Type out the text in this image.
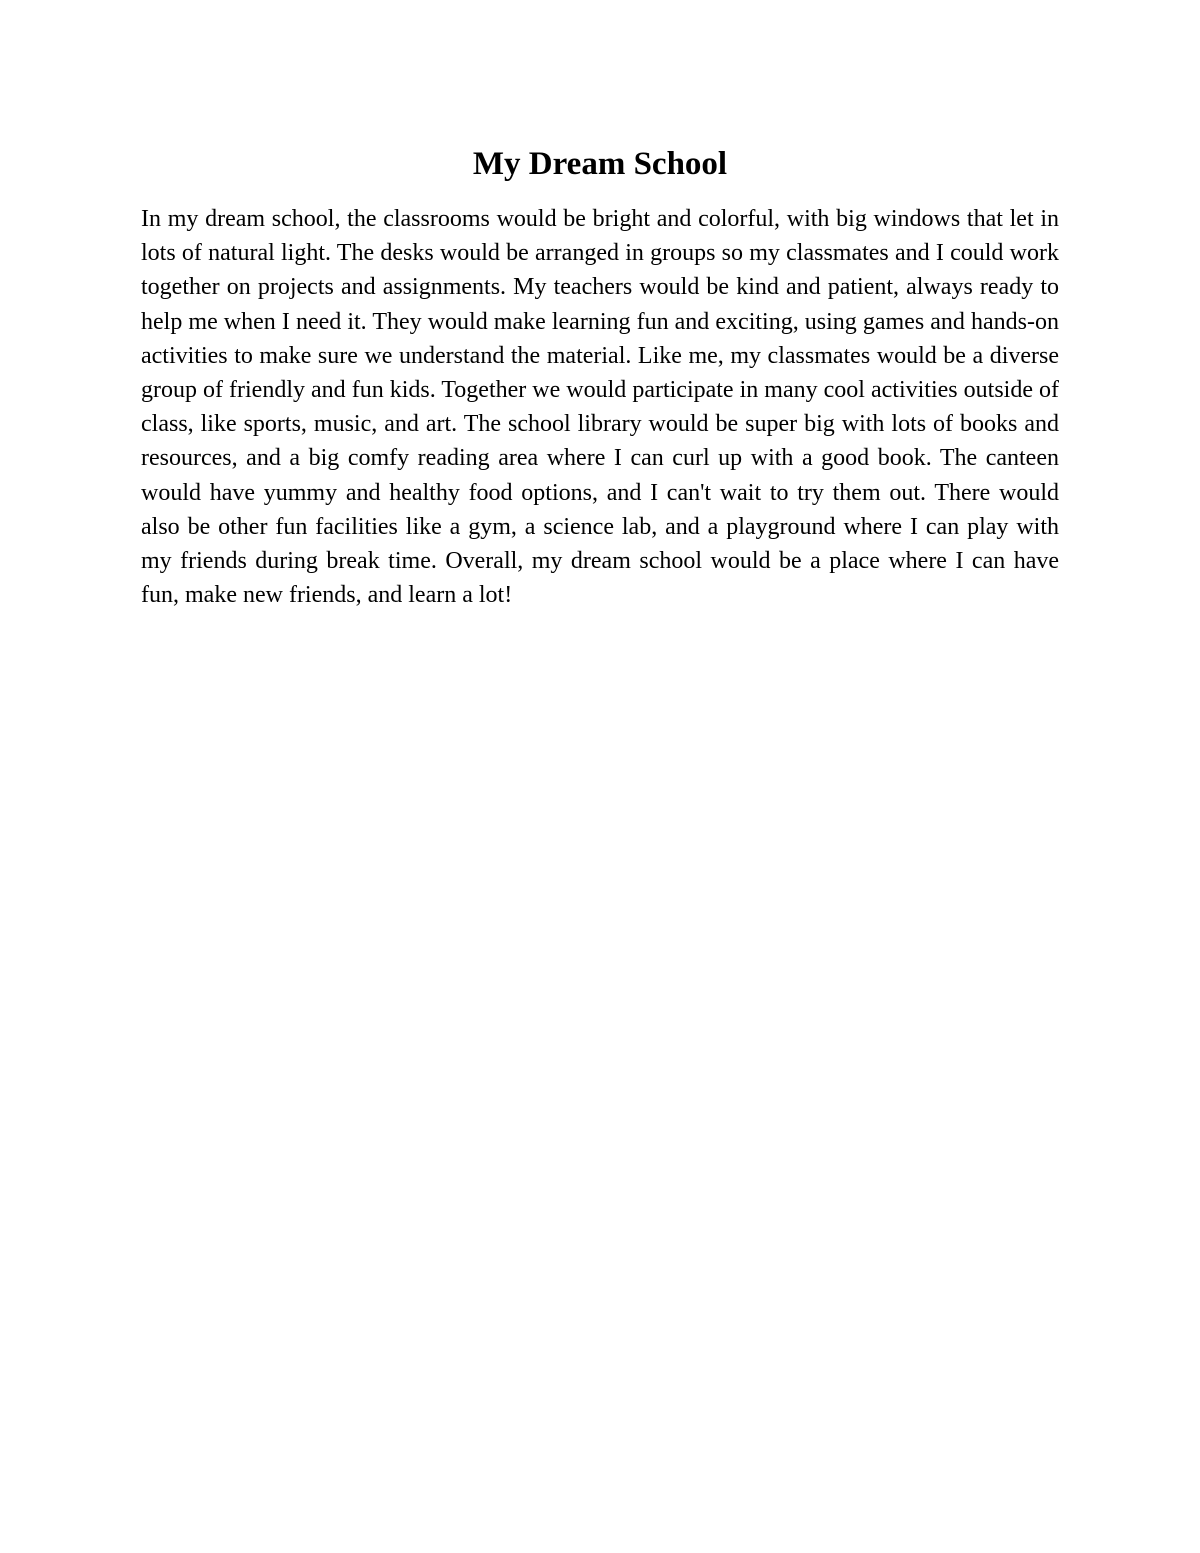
My Dream School

In my dream school, the classrooms would be bright and colorful, with big windows that let in lots of natural light. The desks would be arranged in groups so my classmates and I could work together on projects and assignments. My teachers would be kind and patient, always ready to help me when I need it. They would make learning fun and exciting, using games and hands-on activities to make sure we understand the material. Like me, my classmates would be a diverse group of friendly and fun kids. Together we would participate in many cool activities outside of class, like sports, music, and art. The school library would be super big with lots of books and resources, and a big comfy reading area where I can curl up with a good book. The canteen would have yummy and healthy food options, and I can't wait to try them out. There would also be other fun facilities like a gym, a science lab, and a playground where I can play with my friends during break time. Overall, my dream school would be a place where I can have fun, make new friends, and learn a lot!
